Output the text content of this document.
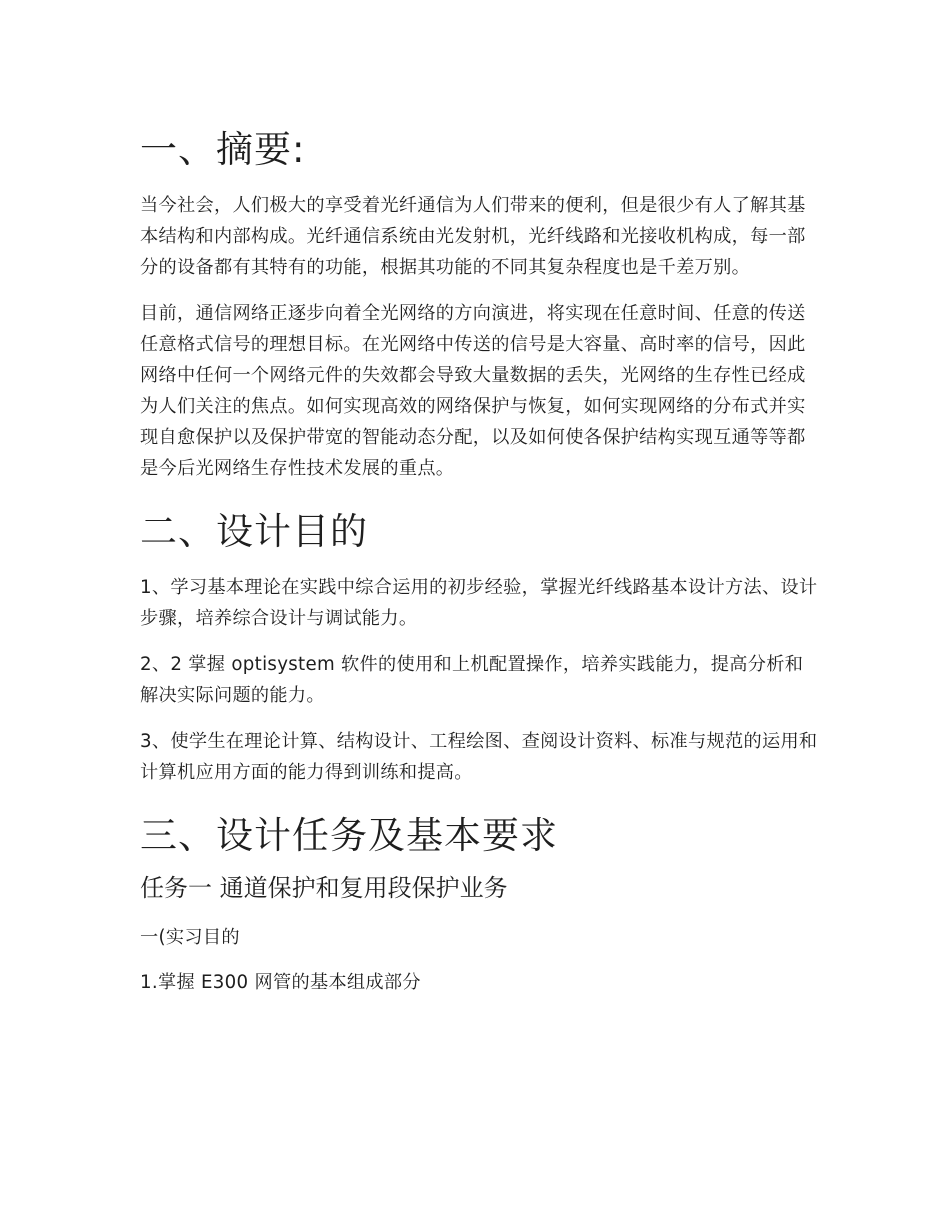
一、摘要:

当今社会，人们极大的享受着光纤通信为人们带来的便利，但是很少有人了解其基本结构和内部构成。光纤通信系统由光发射机，光纤线路和光接收机构成，每一部分的设备都有其特有的功能，根据其功能的不同其复杂程度也是千差万别。

目前，通信网络正逐步向着全光网络的方向演进，将实现在任意时间、任意的传送任意格式信号的理想目标。在光网络中传送的信号是大容量、高时率的信号，因此网络中任何一个网络元件的失效都会导致大量数据的丢失，光网络的生存性已经成为人们关注的焦点。如何实现高效的网络保护与恢复，如何实现网络的分布式并实现自愈保护以及保护带宽的智能动态分配，以及如何使各保护结构实现互通等等都是今后光网络生存性技术发展的重点。

二、设计目的

1、学习基本理论在实践中综合运用的初步经验，掌握光纤线路基本设计方法、设计步骤，培养综合设计与调试能力。

2、2 掌握 optisystem 软件的使用和上机配置操作，培养实践能力，提高分析和解决实际问题的能力。

3、使学生在理论计算、结构设计、工程绘图、查阅设计资料、标准与规范的运用和计算机应用方面的能力得到训练和提高。

三、设计任务及基本要求
任务一 通道保护和复用段保护业务

一(实习目的

1.掌握 E300 网管的基本组成部分
